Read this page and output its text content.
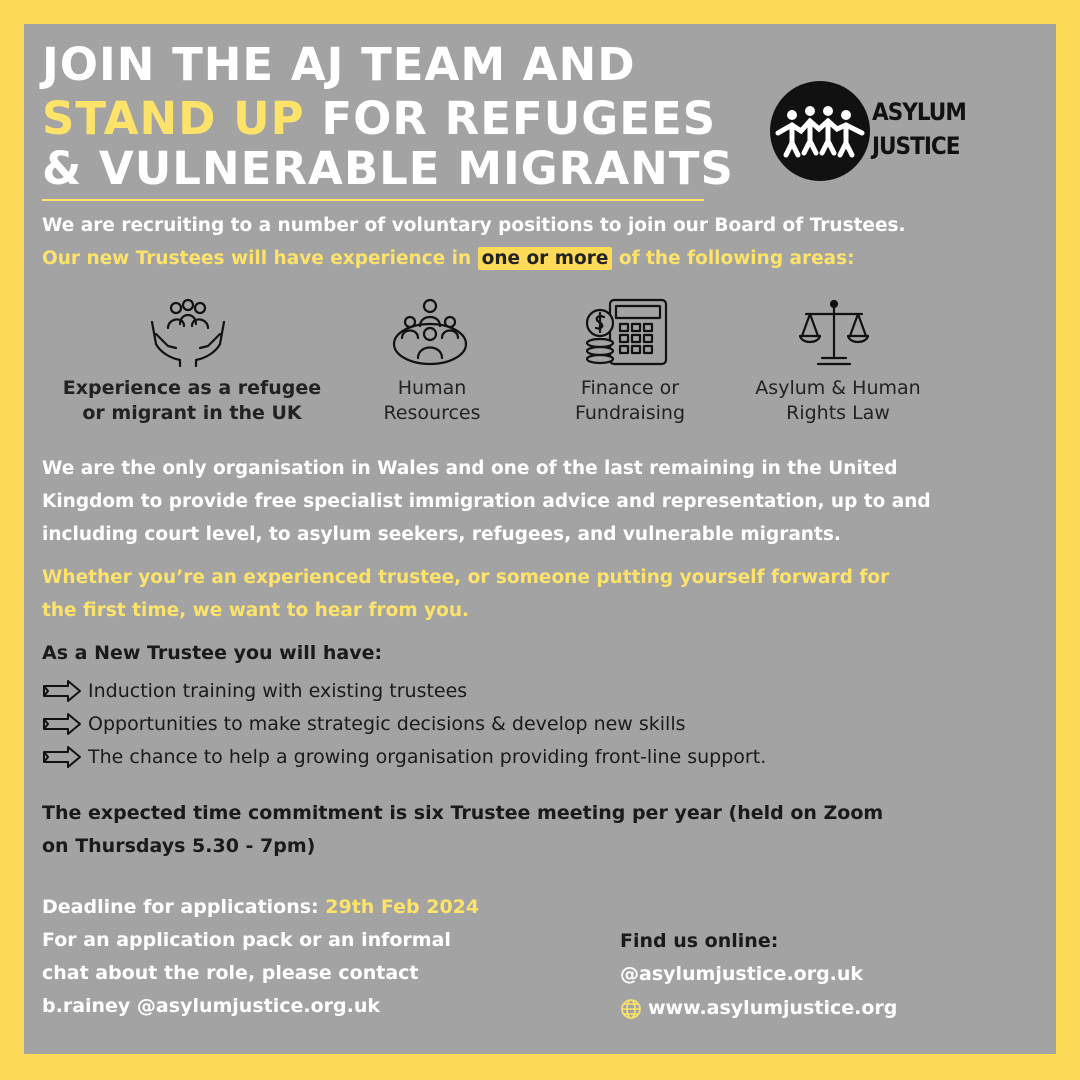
JOIN THE AJ TEAM AND
STAND UP FOR REFUGEES
& VULNERABLE MIGRANTS
ASYLUM
JUSTICE
We are recruiting to a number of voluntary positions to join our Board of Trustees.
Our new Trustees will have experience in one or more of the following areas:
Experience as a refugee
or migrant in the UK
Human
Resources
Finance or
Fundraising
Asylum & Human
Rights Law
We are the only organisation in Wales and one of the last remaining in the United
Kingdom to provide free specialist immigration advice and representation, up to and
including court level, to asylum seekers, refugees, and vulnerable migrants.
Whether you’re an experienced trustee, or someone putting yourself forward for
the first time, we want to hear from you.
As a New Trustee you will have:
Induction training with existing trustees
Opportunities to make strategic decisions & develop new skills
The chance to help a growing organisation providing front-line support.
The expected time commitment is six Trustee meeting per year (held on Zoom
on Thursdays 5.30 - 7pm)
Deadline for applications: 29th Feb 2024
For an application pack or an informal
chat about the role, please contact
b.rainey @asylumjustice.org.uk
Find us online:
@asylumjustice.org.uk
www.asylumjustice.org
